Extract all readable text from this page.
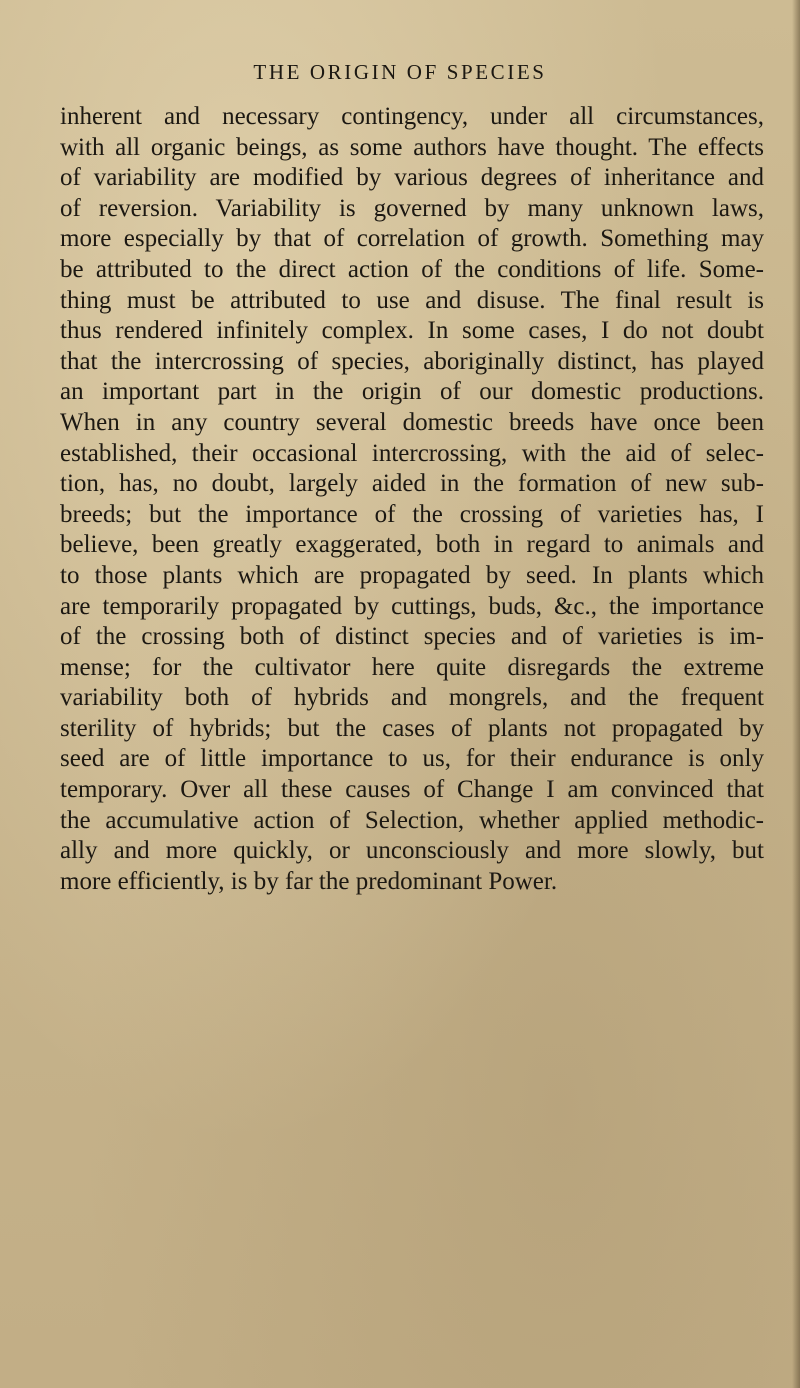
THE ORIGIN OF SPECIES
inherent and necessary contingency, under all circumstances,
with all organic beings, as some authors have thought. The effects
of variability are modified by various degrees of inheritance and
of reversion. Variability is governed by many unknown laws,
more especially by that of correlation of growth. Something may
be attributed to the direct action of the conditions of life. Some-
thing must be attributed to use and disuse. The final result is
thus rendered infinitely complex. In some cases, I do not doubt
that the intercrossing of species, aboriginally distinct, has played
an important part in the origin of our domestic productions.
When in any country several domestic breeds have once been
established, their occasional intercrossing, with the aid of selec-
tion, has, no doubt, largely aided in the formation of new sub-
breeds; but the importance of the crossing of varieties has, I
believe, been greatly exaggerated, both in regard to animals and
to those plants which are propagated by seed. In plants which
are temporarily propagated by cuttings, buds, &c., the importance
of the crossing both of distinct species and of varieties is im-
mense; for the cultivator here quite disregards the extreme
variability both of hybrids and mongrels, and the frequent
sterility of hybrids; but the cases of plants not propagated by
seed are of little importance to us, for their endurance is only
temporary. Over all these causes of Change I am convinced that
the accumulative action of Selection, whether applied methodic-
ally and more quickly, or unconsciously and more slowly, but
more efficiently, is by far the predominant Power.
